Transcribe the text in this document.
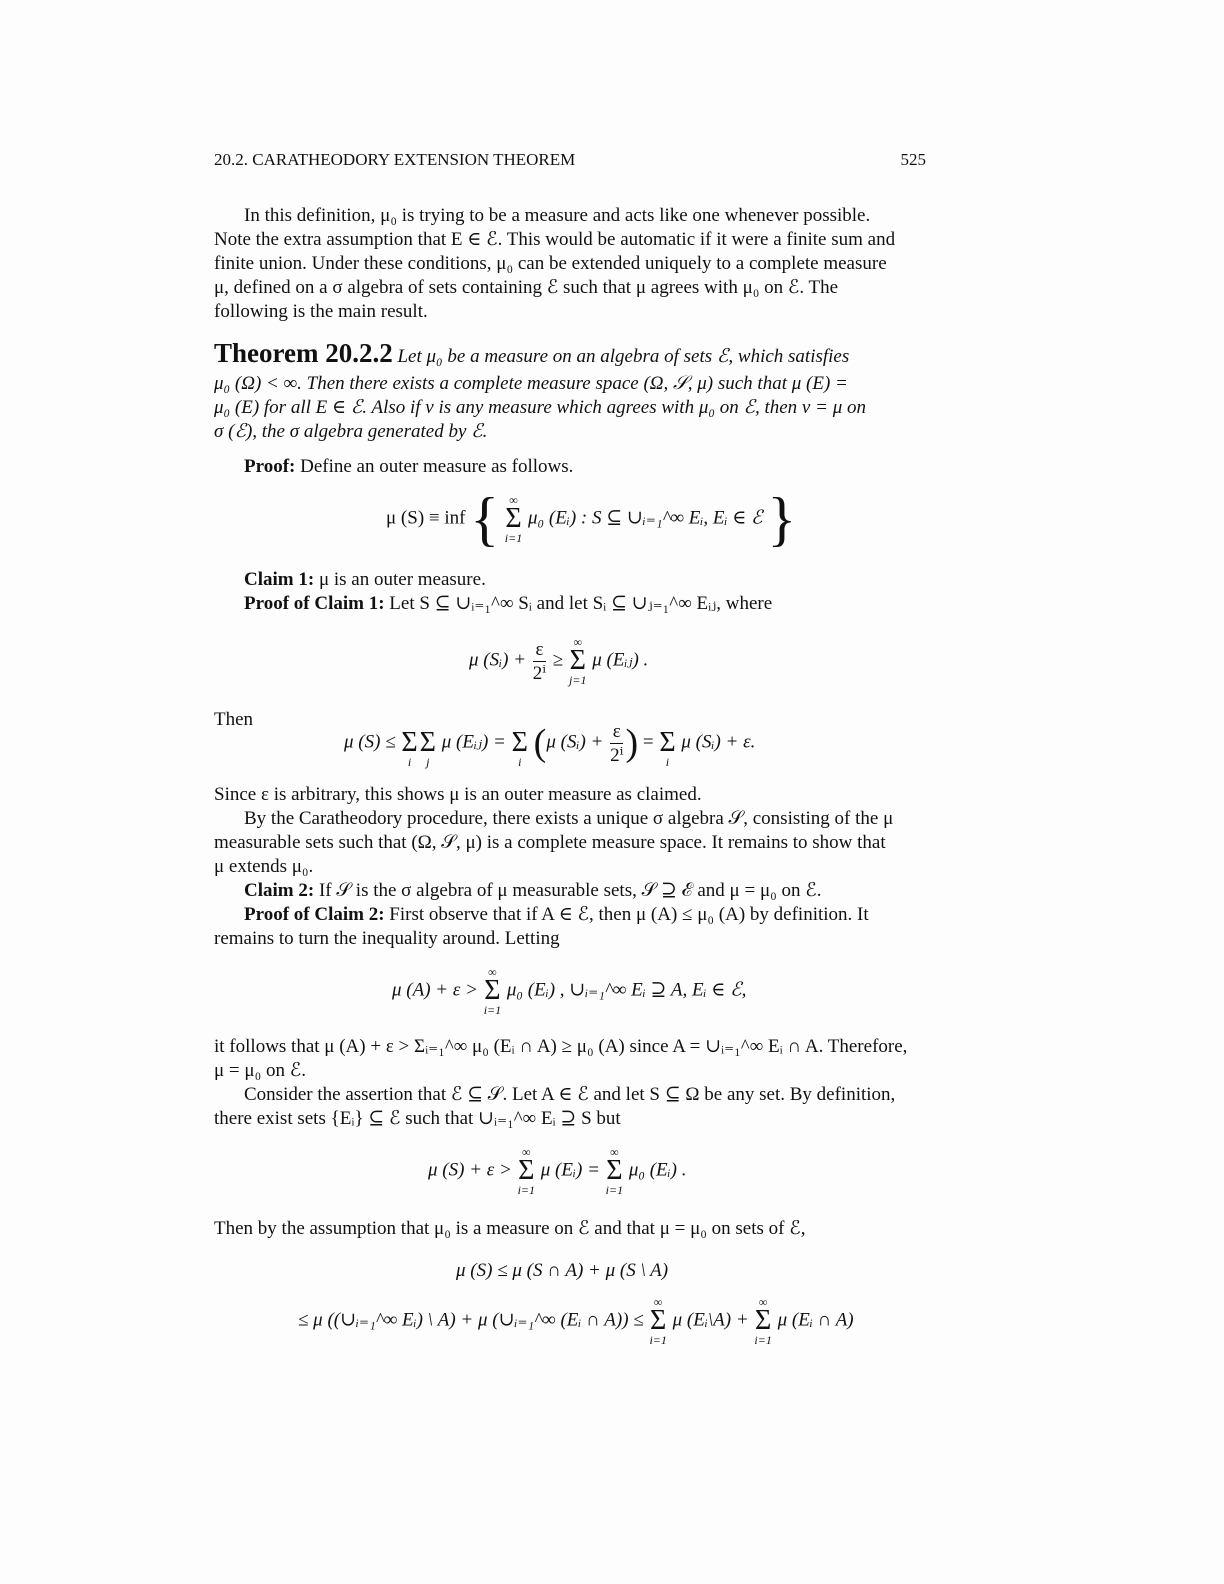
20.2. CARATHEODORY EXTENSION THEOREM	525
In this definition, μ₀ is trying to be a measure and acts like one whenever possible.
Note the extra assumption that E ∈ ℰ. This would be automatic if it were a finite sum and
finite union. Under these conditions, μ₀ can be extended uniquely to a complete measure
μ, defined on a σ algebra of sets containing ℰ such that μ agrees with μ₀ on ℰ. The
following is the main result.
Theorem 20.2.2 Let μ₀ be a measure on an algebra of sets ℰ, which satisfies
μ₀ (Ω) < ∞. Then there exists a complete measure space (Ω, 𝒮, μ) such that μ (E) =
μ₀ (E) for all E ∈ ℰ. Also if ν is any measure which agrees with μ₀ on ℰ, then ν = μ on
σ (ℰ), the σ algebra generated by ℰ.
Proof: Define an outer measure as follows.
μ (S) ≡ inf { ∞
Σ
i=1
μ₀ (Eᵢ) : S ⊆ ∪ᵢ₌₁^∞ Eᵢ, Eᵢ ∈ ℰ }
Claim 1: μ is an outer measure.
Proof of Claim 1: Let S ⊆ ∪ᵢ₌₁^∞ Sᵢ and let Sᵢ ⊆ ∪ⱼ₌₁^∞ Eᵢⱼ, where
μ (Sᵢ) + $\frac{\varepsilon}{\text{2ⁱ}}$ ≥
∞
Σ
j=1
μ (Eᵢⱼ) .
Then
μ (S) ≤
Σ
i

Σ
j
μ (Eᵢⱼ) =
Σ
i (μ (Sᵢ) + $\frac{\varepsilon}{\text{2ⁱ}}$ ) =
Σ
i
μ (Sᵢ) + ε.
Since ε is arbitrary, this shows μ is an outer measure as claimed.
By the Caratheodory procedure, there exists a unique σ algebra 𝒮, consisting of the μ
measurable sets such that (Ω, 𝒮, μ) is a complete measure space. It remains to show that
μ extends μ₀.
Claim 2: If 𝒮 is the σ algebra of μ measurable sets, 𝒮 ⊇ ℰ and μ = μ₀ on ℰ.
Proof of Claim 2: First observe that if A ∈ ℰ, then μ (A) ≤ μ₀ (A) by definition. It
remains to turn the inequality around. Letting
μ (A) + ε >
∞
Σ
i=1
μ₀ (Eᵢ) , ∪ᵢ₌₁^∞ Eᵢ ⊇ A, Eᵢ ∈ ℰ,
it follows that μ (A) + ε > Σᵢ₌₁^∞ μ₀ (Eᵢ ∩ A) ≥ μ₀ (A) since A = ∪ᵢ₌₁^∞ Eᵢ ∩ A. Therefore,
μ = μ₀ on ℰ.
Consider the assertion that ℰ ⊆ 𝒮. Let A ∈ ℰ and let S ⊆ Ω be any set. By definition,
there exist sets {Eᵢ} ⊆ ℰ such that ∪ᵢ₌₁^∞ Eᵢ ⊇ S but
μ (S) + ε >
∞
Σ
i=1
μ (Eᵢ) =
∞
Σ
i=1
μ₀ (Eᵢ) .
Then by the assumption that μ₀ is a measure on ℰ and that μ = μ₀ on sets of ℰ,
μ (S) ≤ μ (S ∩ A) + μ (S \ A)
≤ μ ((∪ᵢ₌₁^∞ Eᵢ) \ A) + μ (∪ᵢ₌₁^∞ (Eᵢ ∩ A)) ≤
∞
Σ
i=1
μ (Eᵢ\A) +
∞
Σ
i=1
μ (Eᵢ ∩ A)
